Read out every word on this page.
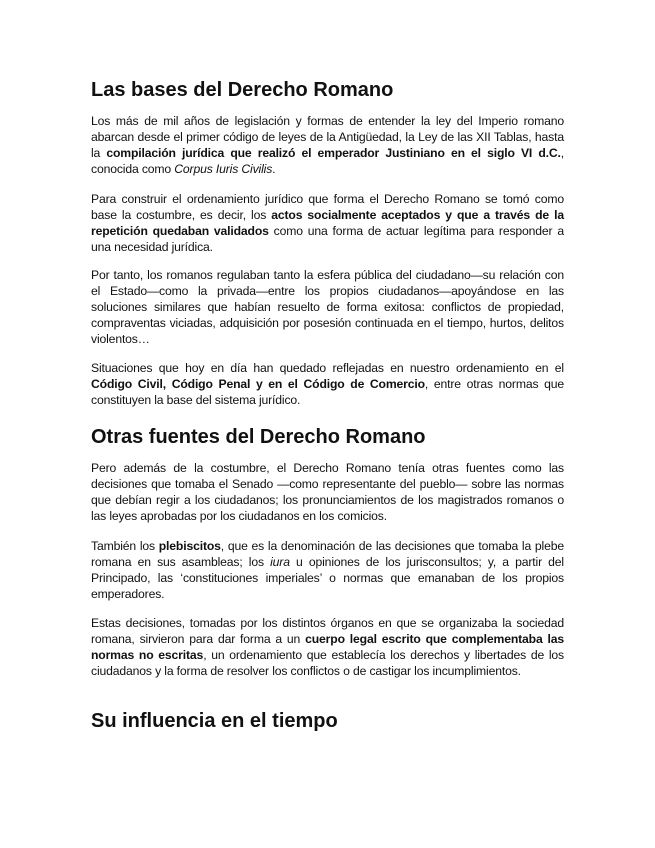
Las bases del Derecho Romano

Los más de mil años de legislación y formas de entender la ley del Imperio romano abarcan desde el primer código de leyes de la Antigüedad, la Ley de las XII Tablas, hasta la compilación jurídica que realizó el emperador Justiniano en el siglo VI d.C., conocida como Corpus Iuris Civilis.

Para construir el ordenamiento jurídico que forma el Derecho Romano se tomó como base la costumbre, es decir, los actos socialmente aceptados y que a través de la repetición quedaban validados como una forma de actuar legítima para responder a una necesidad jurídica.

Por tanto, los romanos regulaban tanto la esfera pública del ciudadano—su relación con el Estado—como la privada—entre los propios ciudadanos—apoyándose en las soluciones similares que habían resuelto de forma exitosa: conflictos de propiedad, compraventas viciadas, adquisición por posesión continuada en el tiempo, hurtos, delitos violentos…

Situaciones que hoy en día han quedado reflejadas en nuestro ordenamiento en el Código Civil, Código Penal y en el Código de Comercio, entre otras normas que constituyen la base del sistema jurídico.

Otras fuentes del Derecho Romano

Pero además de la costumbre, el Derecho Romano tenía otras fuentes como las decisiones que tomaba el Senado —como representante del pueblo— sobre las normas que debían regir a los ciudadanos; los pronunciamientos de los magistrados romanos o las leyes aprobadas por los ciudadanos en los comicios.

También los plebiscitos, que es la denominación de las decisiones que tomaba la plebe romana en sus asambleas; los iura u opiniones de los jurisconsultos; y, a partir del Principado, las ‘constituciones imperiales’ o normas que emanaban de los propios emperadores.

Estas decisiones, tomadas por los distintos órganos en que se organizaba la sociedad romana, sirvieron para dar forma a un cuerpo legal escrito que complementaba las normas no escritas, un ordenamiento que establecía los derechos y libertades de los ciudadanos y la forma de resolver los conflictos o de castigar los incumplimientos.

Su influencia en el tiempo
